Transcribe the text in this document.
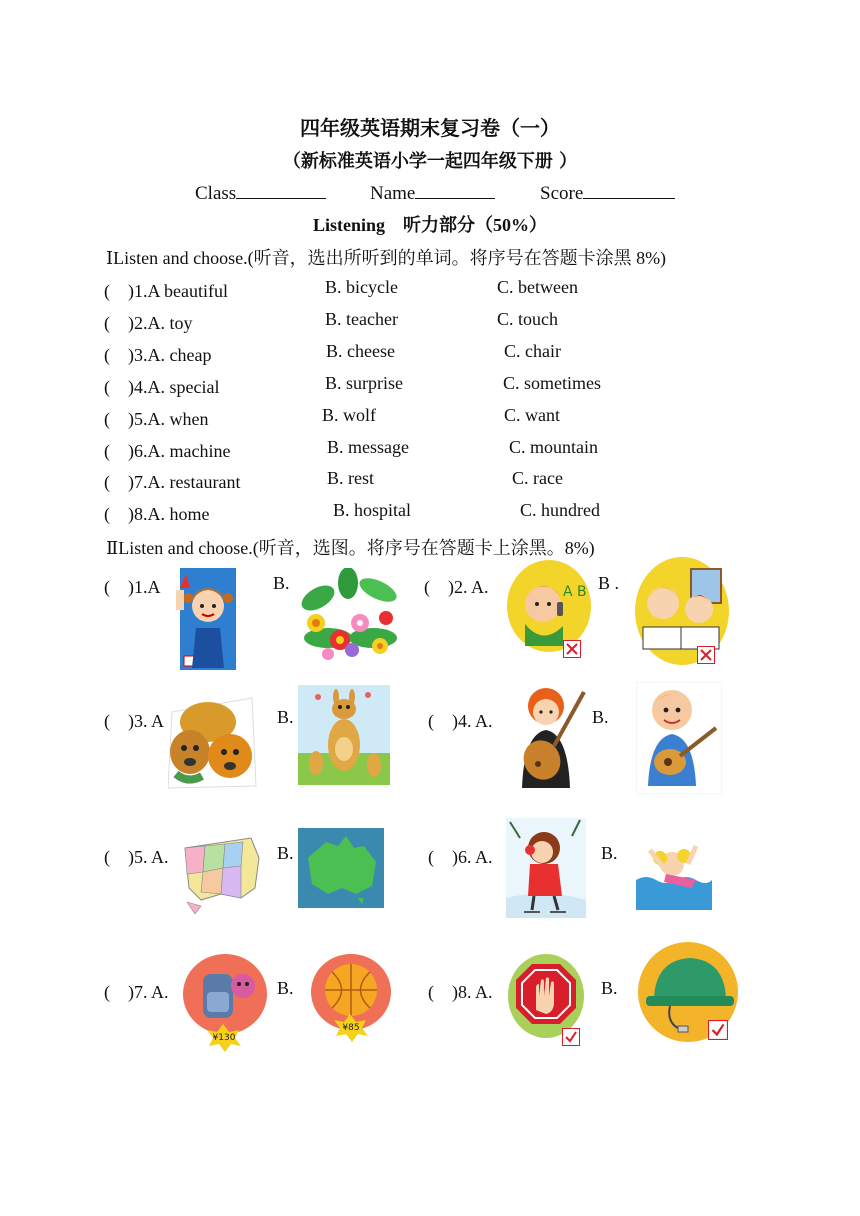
四年级英语期末复习卷（一）
（新标准英语小学一起四年级下册 ）
Class	Name	Score
Listening　听力部分（50%）
ⅠListen and choose.(听音，选出所听到的单词。将序号在答题卡涂黑 8%)
(　)1.A beautiful	B. bicycle	C. between
(　)2.A. toy	B. teacher	C. touch
(　)3.A. cheap	B. cheese	C. chair
(　)4.A. special	B. surprise	C. sometimes
(　)5.A. when	B. wolf	C. want
(　)6.A. machine	B. message	C. mountain
(　)7.A. restaurant	B. rest	C. race
(　)8.A. home	B. hospital	C. hundred
ⅡListen and choose.(听音，选图。将序号在答题卡上涂黑。8%)
(　)1.A	B.	(　)2. A.	B .
(　)3. A	B.	(　)4. A.	B.
(　)5. A.	B.	(　)6. A.	B.
(　)7. A.	B.	(　)8. A.	B.
A B
¥130
¥85
